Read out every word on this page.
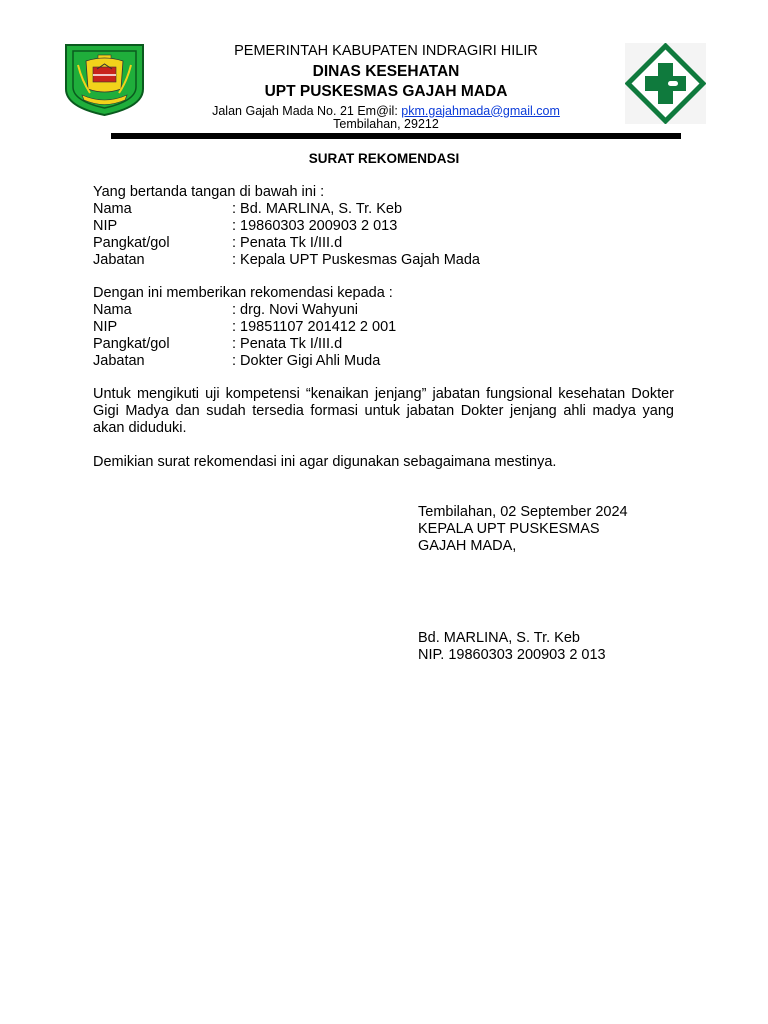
PEMERINTAH KABUPATEN INDRAGIRI HILIR
DINAS KESEHATAN
UPT PUSKESMAS GAJAH MADA
Jalan Gajah Mada No. 21 Em@il: pkm.gajahmada@gmail.com
Tembilahan, 29212
SURAT REKOMENDASI
Yang bertanda tangan di bawah ini :
Nama	: Bd. MARLINA, S. Tr. Keb
NIP	: 19860303 200903 2 013
Pangkat/gol	: Penata Tk I/III.d
Jabatan	: Kepala UPT Puskesmas Gajah Mada
Dengan ini memberikan rekomendasi kepada :
Nama	: drg. Novi Wahyuni
NIP	: 19851107 201412 2 001
Pangkat/gol	: Penata Tk I/III.d
Jabatan	: Dokter Gigi Ahli Muda
Untuk mengikuti uji kompetensi “kenaikan jenjang” jabatan fungsional kesehatan Dokter Gigi Madya dan sudah tersedia formasi untuk jabatan Dokter jenjang ahli madya yang akan diduduki.
Demikian surat rekomendasi ini agar digunakan sebagaimana mestinya.
Tembilahan, 02 September 2024
KEPALA UPT PUSKESMAS
GAJAH MADA,
Bd. MARLINA, S. Tr. Keb
NIP. 19860303 200903 2 013
